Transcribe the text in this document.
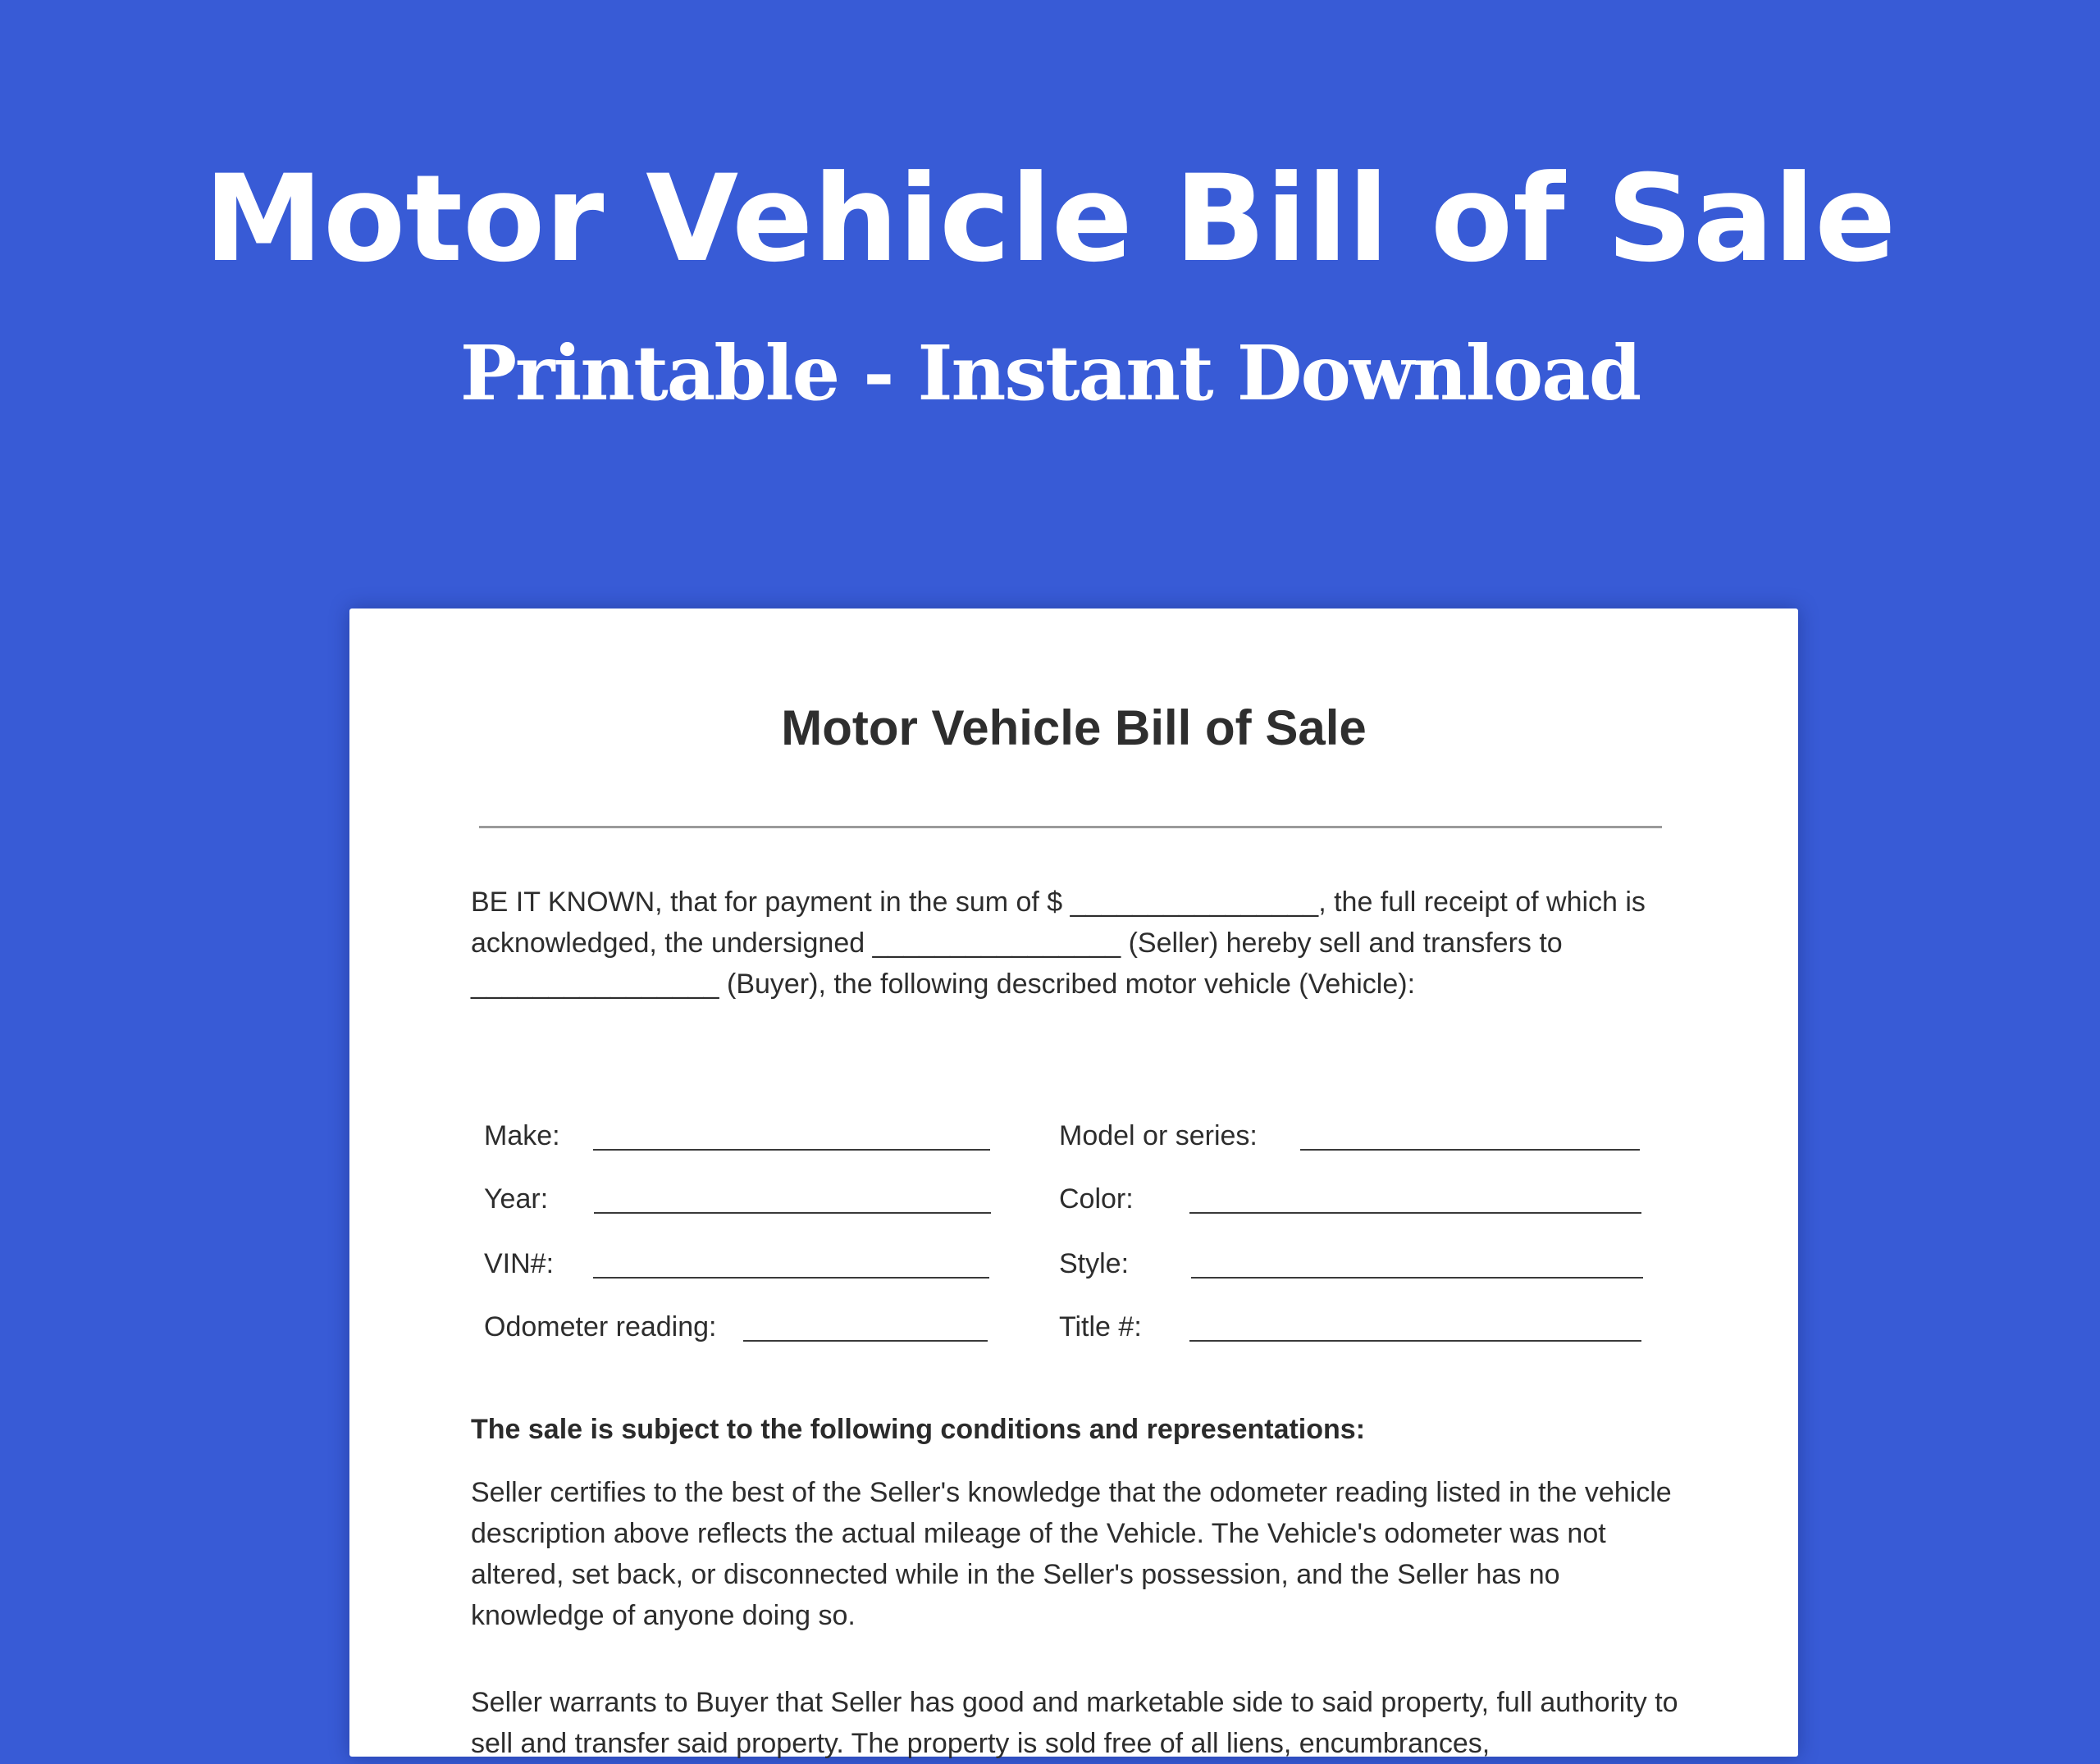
Motor Vehicle Bill of Sale
Printable - Instant Download
Motor Vehicle Bill of Sale

BE IT KNOWN, that for payment in the sum of $ ________________, the full receipt of which is acknowledged, the undersigned ________________ (Seller) hereby sell and transfers to ________________ (Buyer), the following described motor vehicle (Vehicle):

Make:
Year:
VIN#:
Odometer reading:
Model or series:
Color:
Style:
Title #:

The sale is subject to the following conditions and representations:

Seller certifies to the best of the Seller's knowledge that the odometer reading listed in the vehicle description above reflects the actual mileage of the Vehicle. The Vehicle's odometer was not altered, set back, or disconnected while in the Seller's possession, and the Seller has no knowledge of anyone doing so.

Seller warrants to Buyer that Seller has good and marketable side to said property, full authority to sell and transfer said property. The property is sold free of all liens, encumbrances,
